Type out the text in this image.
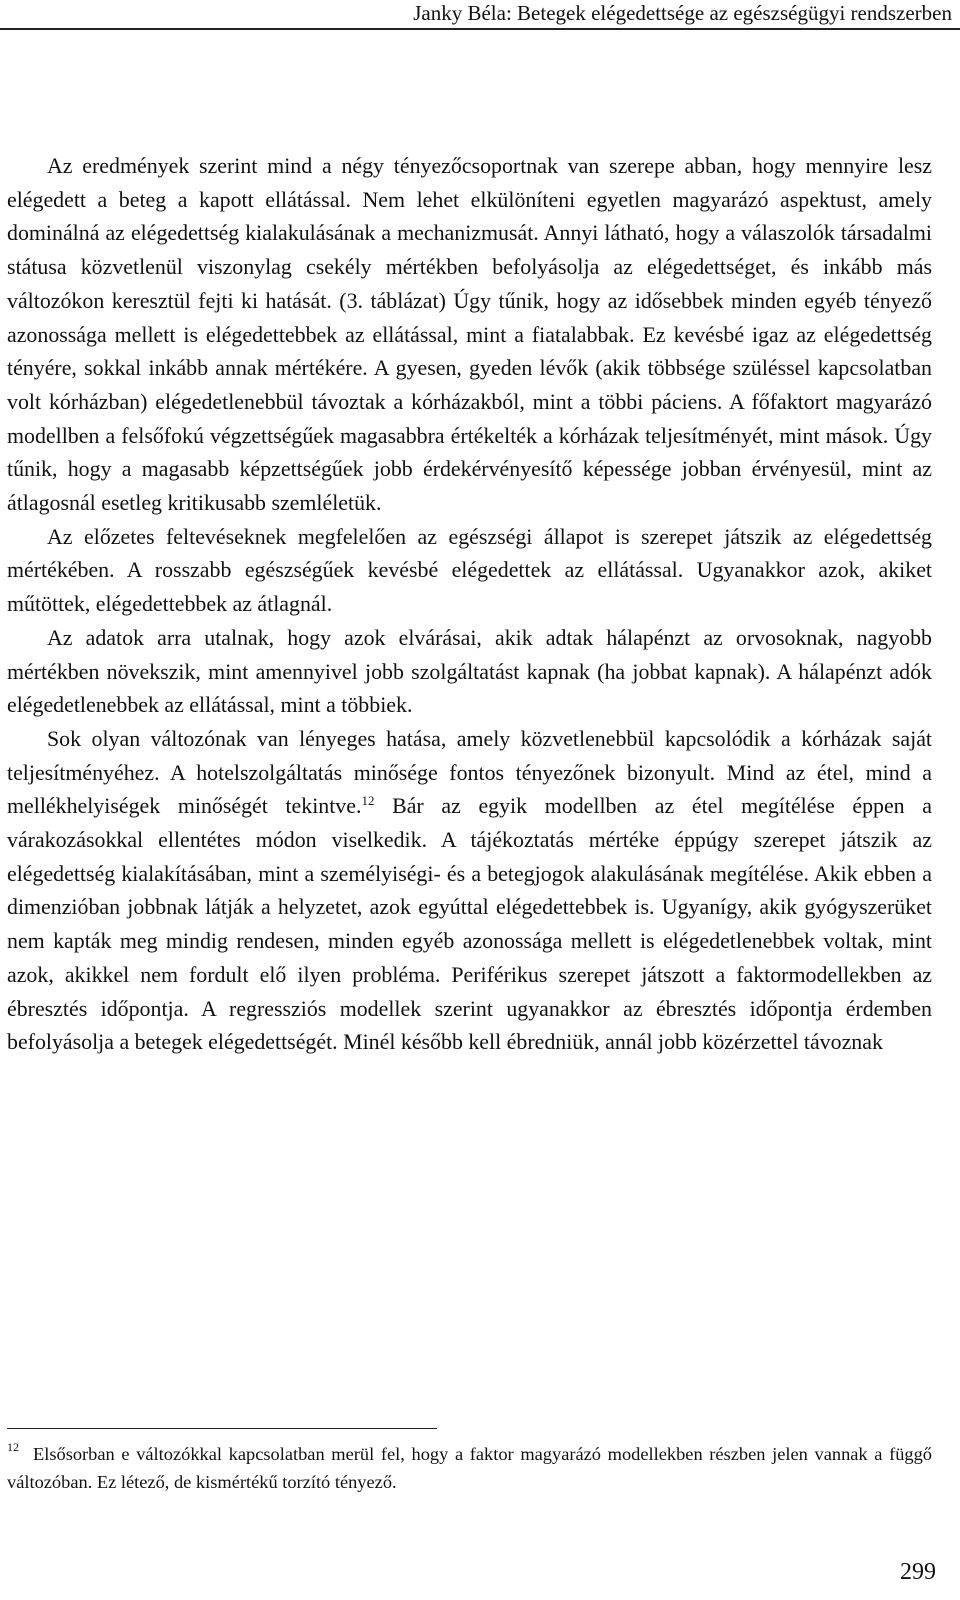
Janky Béla: Betegek elégedettsége az egészségügyi rendszerben

Az eredmények szerint mind a négy tényezőcsoportnak van szerepe abban, hogy mennyire lesz elégedett a beteg a kapott ellátással. Nem lehet elkülöníteni egyetlen magyarázó aspektust, amely dominálná az elégedettség kialakulásának a mechanizmusát. Annyi látható, hogy a válaszolók társadalmi státusa közvetlenül viszonylag csekély mértékben befolyásolja az elégedettséget, és inkább más változókon keresztül fejti ki hatását. (3. táblázat) Úgy tűnik, hogy az idősebbek minden egyéb tényező azonossága mellett is elégedettebbek az ellátással, mint a fiatalabbak. Ez kevésbé igaz az elégedettség tényére, sokkal inkább annak mértékére. A gyesen, gyeden lévők (akik többsége szüléssel kapcsolatban volt kórházban) elégedetlenebbül távoztak a kórházakból, mint a többi páciens. A főfaktort magyarázó modellben a felsőfokú végzettségűek magasabbra értékelték a kórházak teljesítményét, mint mások. Úgy tűnik, hogy a magasabb képzettségűek jobb érdekérvényesítő képessége jobban érvényesül, mint az átlagosnál esetleg kritikusabb szemléletük.

Az előzetes feltevéseknek megfelelően az egészségi állapot is szerepet játszik az elégedettség mértékében. A rosszabb egészségűek kevésbé elégedettek az ellátással. Ugyanakkor azok, akiket műtöttek, elégedettebbek az átlagnál.

Az adatok arra utalnak, hogy azok elvárásai, akik adtak hálapénzt az orvosoknak, nagyobb mértékben növekszik, mint amennyivel jobb szolgáltatást kapnak (ha jobbat kapnak). A hálapénzt adók elégedetlenebbek az ellátással, mint a többiek.

Sok olyan változónak van lényeges hatása, amely közvetlenebbül kapcsolódik a kórházak saját teljesítményéhez. A hotelszolgáltatás minősége fontos tényezőnek bizonyult. Mind az étel, mind a mellékhelyiségek minőségét tekintve.$^{12}$ Bár az egyik modellben az étel megítélése éppen a várakozásokkal ellentétes módon viselkedik. A tájékoztatás mértéke éppúgy szerepet játszik az elégedettség kialakításában, mint a személyiségi- és a betegjogok alakulásának megítélése. Akik ebben a dimenzióban jobbnak látják a helyzetet, azok egyúttal elégedettebbek is. Ugyanígy, akik gyógyszerüket nem kapták meg mindig rendesen, minden egyéb azonossága mellett is elégedetlenebbek voltak, mint azok, akikkel nem fordult elő ilyen probléma. Periférikus szerepet játszott a faktormodellekben az ébresztés időpontja. A regressziós modellek szerint ugyanakkor az ébresztés időpontja érdemben befolyásolja a betegek elégedettségét. Minél később kell ébredniük, annál jobb közérzettel távoznak

$^{12}$ Elsősorban e változókkal kapcsolatban merül fel, hogy a faktor magyarázó modellekben részben jelen vannak a függő változóban. Ez létező, de kismértékű torzító tényező.
299
